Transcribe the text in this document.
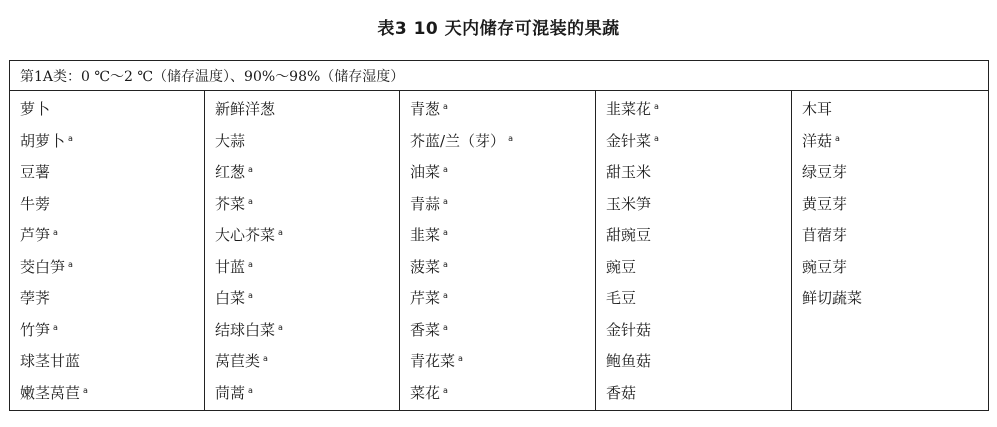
表3 10 天内储存可混装的果蔬
第1A类：0 ℃～2 ℃（储存温度）、90%～98%（储存湿度）				
萝卜	新鲜洋葱	青葱 $^a$	韭菜花 $^a$	木耳
胡萝卜 $^a$	大蒜	芥蓝/兰（芽） $^a$	金针菜 $^a$	洋菇 $^a$
豆薯	红葱 $^a$	油菜 $^a$	甜玉米	绿豆芽
牛蒡	芥菜 $^a$	青蒜 $^a$	玉米笋	黄豆芽
芦笋 $^a$	大心芥菜 $^a$	韭菜 $^a$	甜豌豆	苜蓿芽
茭白笋 $^a$	甘蓝 $^a$	菠菜 $^a$	豌豆	豌豆芽
荸荠	白菜 $^a$	芹菜 $^a$	毛豆	鲜切蔬菜
竹笋 $^a$	结球白菜 $^a$	香菜 $^a$	金针菇	
球茎甘蓝	莴苣类 $^a$	青花菜 $^a$	鲍鱼菇	
嫩茎莴苣 $^a$	茼蒿 $^a$	菜花 $^a$	香菇	
